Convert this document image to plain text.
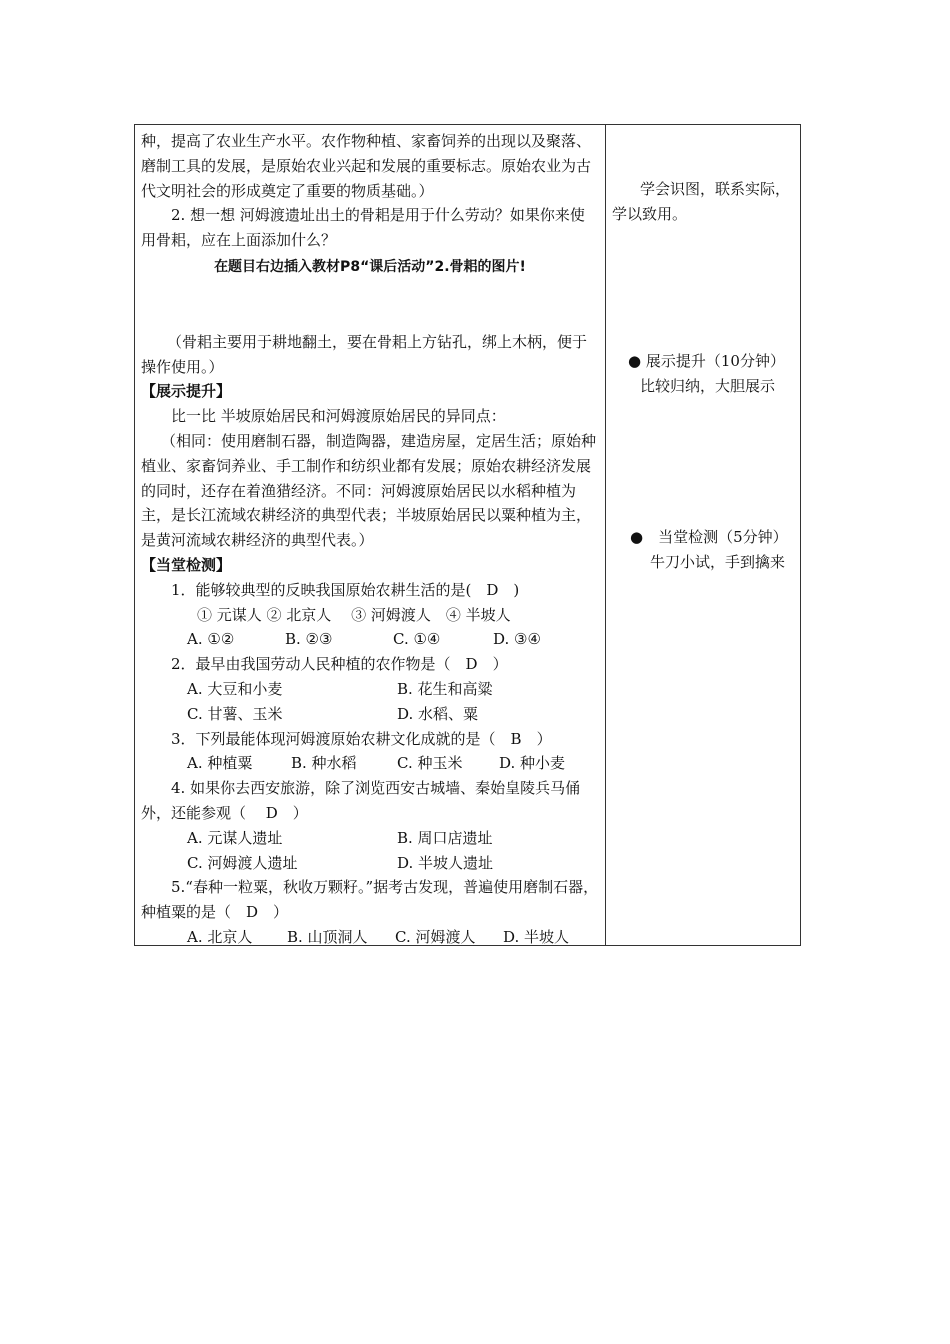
种，提高了农业生产水平。农作物种植、家畜饲养的出现以及聚落、 磨制工具的发展，是原始农业兴起和发展的重要标志。原始农业为古代文明社会的形成奠定了重要的物质基础。）

2. 想一想 河姆渡遗址出土的骨耜是用于什么劳动？如果你来使用骨耜，应在上面添加什么？

在题目右边插入教材P8“课后活动”2.骨耜的图片!

（骨耜主要用于耕地翻土，要在骨耜上方钻孔，绑上木柄，便于操作使用。）

【展示提升】

比一比 半坡原始居民和河姆渡原始居民的异同点：

（相同：使用磨制石器，制造陶器，建造房屋，定居生活；原始种植业、家畜饲养业、手工制作和纺织业都有发展；原始农耕经济发展的同时，还存在着渔猎经济。不同：河姆渡原始居民以水稻种植为主，是长江流域农耕经济的典型代表；半坡原始居民以粟种植为主，是黄河流域农耕经济的典型代表。）

【当堂检测】

1．能够较典型的反映我国原始农耕生活的是(　D　)

① 元谋人 ② 北京人　 ③ 河姆渡人　④ 半坡人

A. ①②	B. ②③	C. ①④	D. ③④

2．最早由我国劳动人民种植的农作物是（　D　）

A. 大豆和小麦	B. 花生和高粱
C. 甘薯、玉米	D. 水稻、粟

3．下列最能体现河姆渡原始农耕文化成就的是（　B　）

A. 种植粟	B. 种水稻	C. 种玉米	D. 种小麦

4. 如果你去西安旅游，除了浏览西安古城墙、秦始皇陵兵马俑外，还能参观（　 D　）

A. 元谋人遗址	B. 周口店遗址
C. 河姆渡人遗址	D. 半坡人遗址

5.“春种一粒粟，秋收万颗籽。”据考古发现，普遍使用磨制石器，种植粟的是（　D　）

A. 北京人	B. 山顶洞人	C. 河姆渡人	D. 半坡人

学会识图，联系实际，学以致用。

● 展示提升（10分钟）

比较归纳，大胆展示

●　当堂检测（5分钟）

牛刀小试，手到擒来
